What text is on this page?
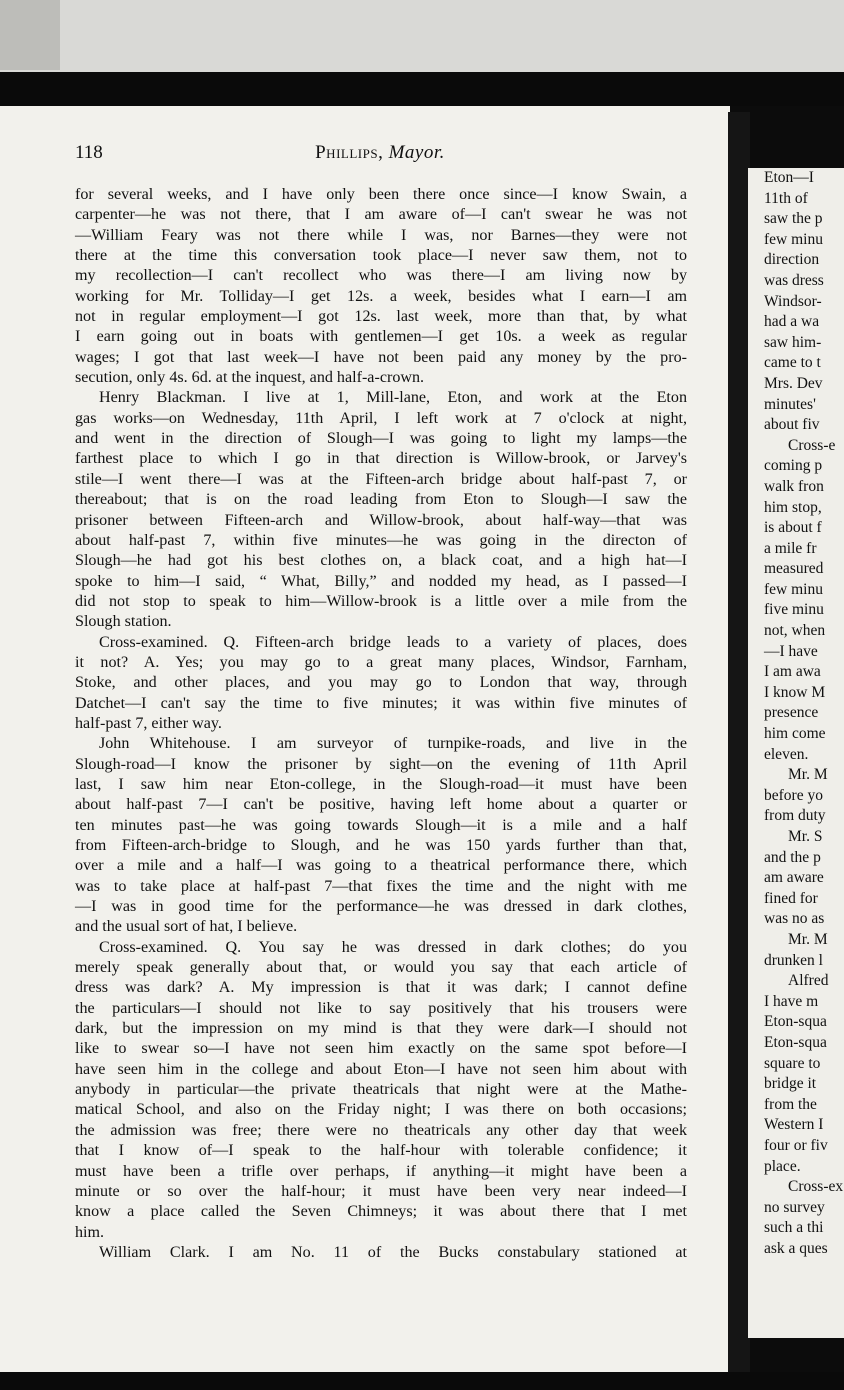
118	Phillips, Mayor.

for several weeks, and I have only been there once since—I know Swain, a

carpenter—he was not there, that I am aware of—I can't swear he was not

—William Feary was not there while I was, nor Barnes—they were not

there at the time this conversation took place—I never saw them, not to

my recollection—I can't recollect who was there—I am living now by

working for Mr. Tolliday—I get 12s. a week, besides what I earn—I am

not in regular employment—I got 12s. last week, more than that, by what

I earn going out in boats with gentlemen—I get 10s. a week as regular

wages; I got that last week—I have not been paid any money by the pro-

secution, only 4s. 6d. at the inquest, and half-a-crown.

Henry Blackman. I live at 1, Mill-lane, Eton, and work at the Eton

gas works—on Wednesday, 11th April, I left work at 7 o'clock at night,

and went in the direction of Slough—I was going to light my lamps—the

farthest place to which I go in that direction is Willow-brook, or Jarvey's

stile—I went there—I was at the Fifteen-arch bridge about half-past 7, or

thereabout; that is on the road leading from Eton to Slough—I saw the

prisoner between Fifteen-arch and Willow-brook, about half-way—that was

about half-past 7, within five minutes—he was going in the directon of

Slough—he had got his best clothes on, a black coat, and a high hat—I

spoke to him—I said, “ What, Billy,” and nodded my head, as I passed—I

did not stop to speak to him—Willow-brook is a little over a mile from the

Slough station.

Cross-examined. Q. Fifteen-arch bridge leads to a variety of places, does

it not? A. Yes; you may go to a great many places, Windsor, Farnham,

Stoke, and other places, and you may go to London that way, through

Datchet—I can't say the time to five minutes; it was within five minutes of

half-past 7, either way.

John Whitehouse. I am surveyor of turnpike-roads, and live in the

Slough-road—I know the prisoner by sight—on the evening of 11th April

last, I saw him near Eton-college, in the Slough-road—it must have been

about half-past 7—I can't be positive, having left home about a quarter or

ten minutes past—he was going towards Slough—it is a mile and a half

from Fifteen-arch-bridge to Slough, and he was 150 yards further than that,

over a mile and a half—I was going to a theatrical performance there, which

was to take place at half-past 7—that fixes the time and the night with me

—I was in good time for the performance—he was dressed in dark clothes,

and the usual sort of hat, I believe.

Cross-examined. Q. You say he was dressed in dark clothes; do you

merely speak generally about that, or would you say that each article of

dress was dark? A. My impression is that it was dark; I cannot define

the particulars—I should not like to say positively that his trousers were

dark, but the impression on my mind is that they were dark—I should not

like to swear so—I have not seen him exactly on the same spot before—I

have seen him in the college and about Eton—I have not seen him about with

anybody in particular—the private theatricals that night were at the Mathe-

matical School, and also on the Friday night; I was there on both occasions;

the admission was free; there were no theatricals any other day that week

that I know of—I speak to the half-hour with tolerable confidence; it

must have been a trifle over perhaps, if anything—it might have been a

minute or so over the half-hour; it must have been very near indeed—I

know a place called the Seven Chimneys; it was about there that I met

him.

William Clark. I am No. 11 of the Bucks constabulary stationed at

Eton—I

11th of

saw the p

few minu

direction

was dress

Windsor-

had a wa

saw him-

came to t

Mrs. Dev

minutes'

about fiv

Cross-e

coming p

walk fron

him stop,

is about f

a mile fr

measured

few minu

five minu

not, when

—I have

I am awa

I know M

presence

him come

eleven.

Mr. M

before yo

from duty

Mr. S

and the p

am aware

fined for

was no as

Mr. M

drunken l

Alfred

I have m

Eton-squa

Eton-squa

square to

bridge it

from the

Western I

four or fiv

place.

Cross-ex

no survey

such a thi

ask a ques
